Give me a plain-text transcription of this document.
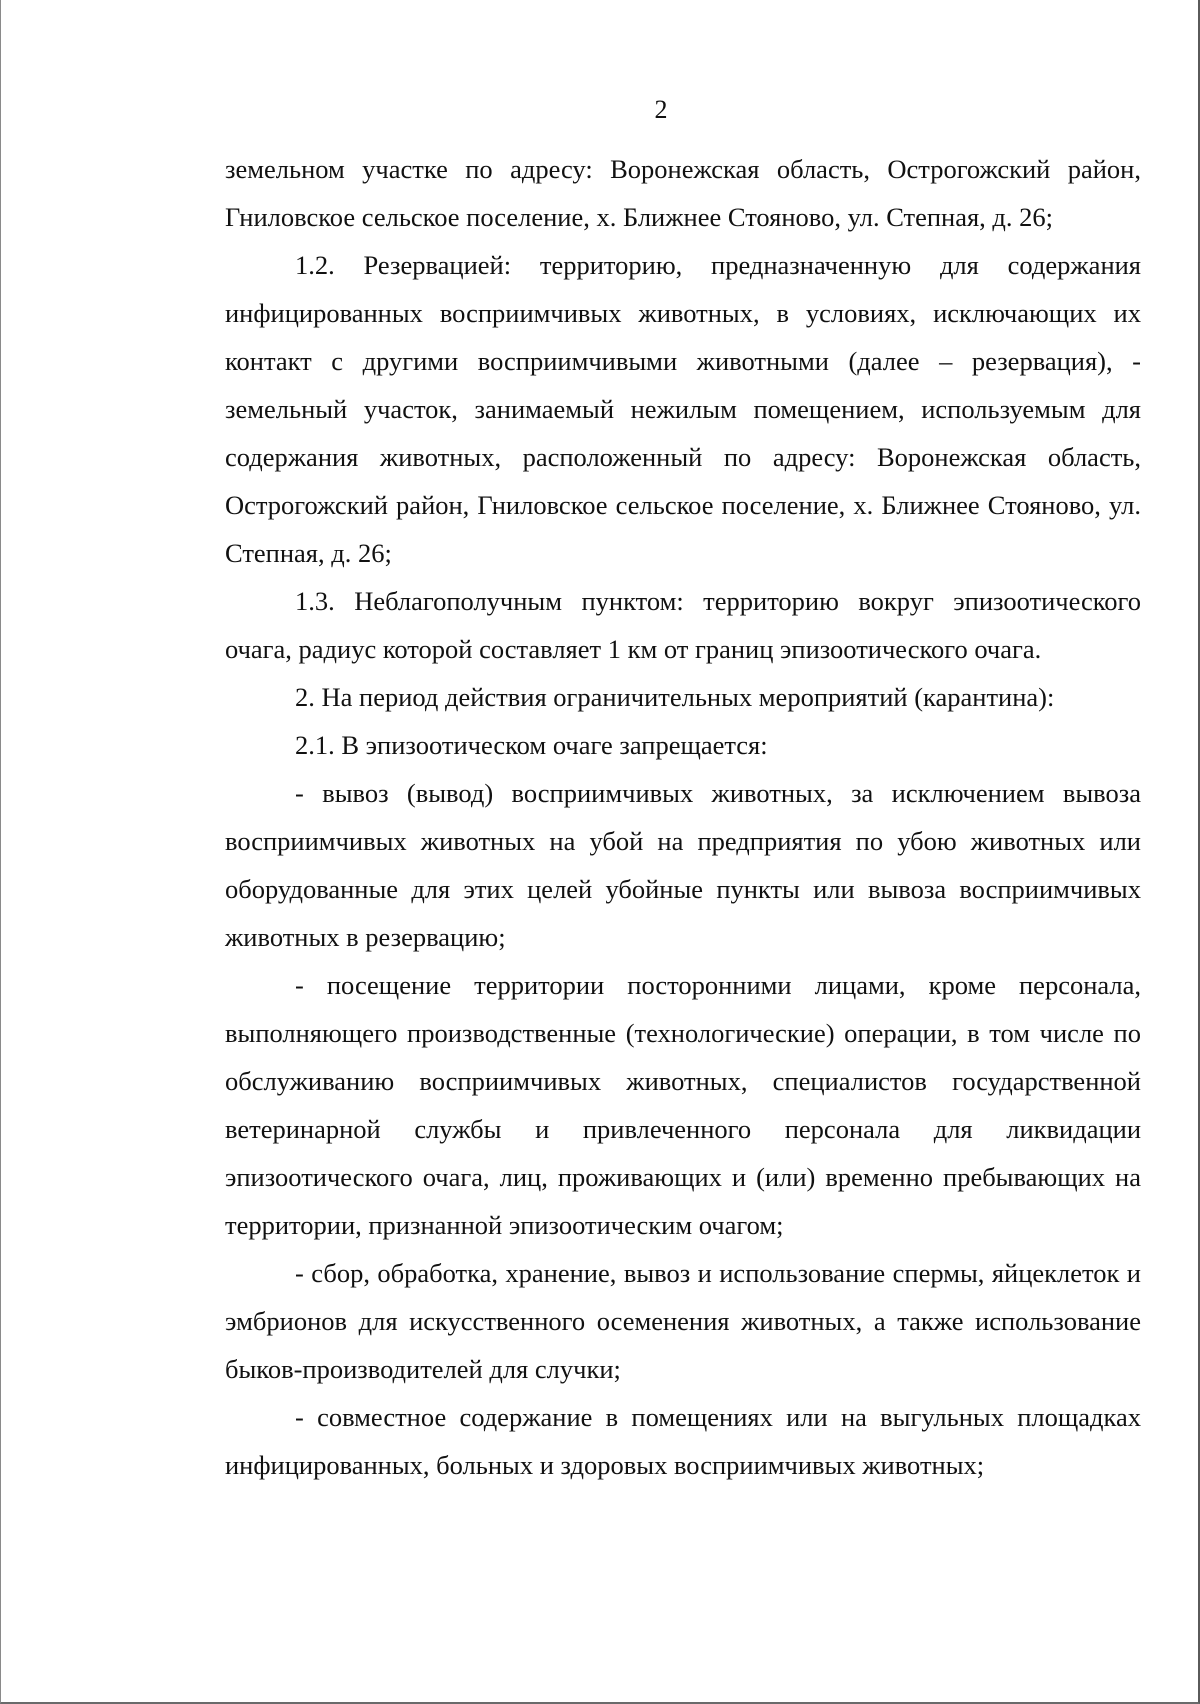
2

земельном участке по адресу: Воронежская область, Острогожский район, Гниловское сельское поселение, х. Ближнее Стояново, ул. Степная, д. 26;

1.2. Резервацией: территорию, предназначенную для содержания инфицированных восприимчивых животных, в условиях, исключающих их контакт с другими восприимчивыми животными (далее – резервация), - земельный участок, занимаемый нежилым помещением, используемым для содержания животных, расположенный по адресу: Воронежская область, Острогожский район, Гниловское сельское поселение, х. Ближнее Стояново, ул. Степная, д. 26;

1.3. Неблагополучным пунктом: территорию вокруг эпизоотического очага, радиус которой составляет 1 км от границ эпизоотического очага.

2. На период действия ограничительных мероприятий (карантина):

2.1. В эпизоотическом очаге запрещается:

- вывоз (вывод) восприимчивых животных, за исключением вывоза восприимчивых животных на убой на предприятия по убою животных или оборудованные для этих целей убойные пункты или вывоза восприимчивых животных в резервацию;

- посещение территории посторонними лицами, кроме персонала, выполняющего производственные (технологические) операции, в том числе по обслуживанию восприимчивых животных, специалистов государственной ветеринарной службы и привлеченного персонала для ликвидации эпизоотического очага, лиц, проживающих и (или) временно пребывающих на территории, признанной эпизоотическим очагом;

- сбор, обработка, хранение, вывоз и использование спермы, яйцеклеток и эмбрионов для искусственного осеменения животных, а также использование быков-производителей для случки;

- совместное содержание в помещениях или на выгульных площадках инфицированных, больных и здоровых восприимчивых животных;
